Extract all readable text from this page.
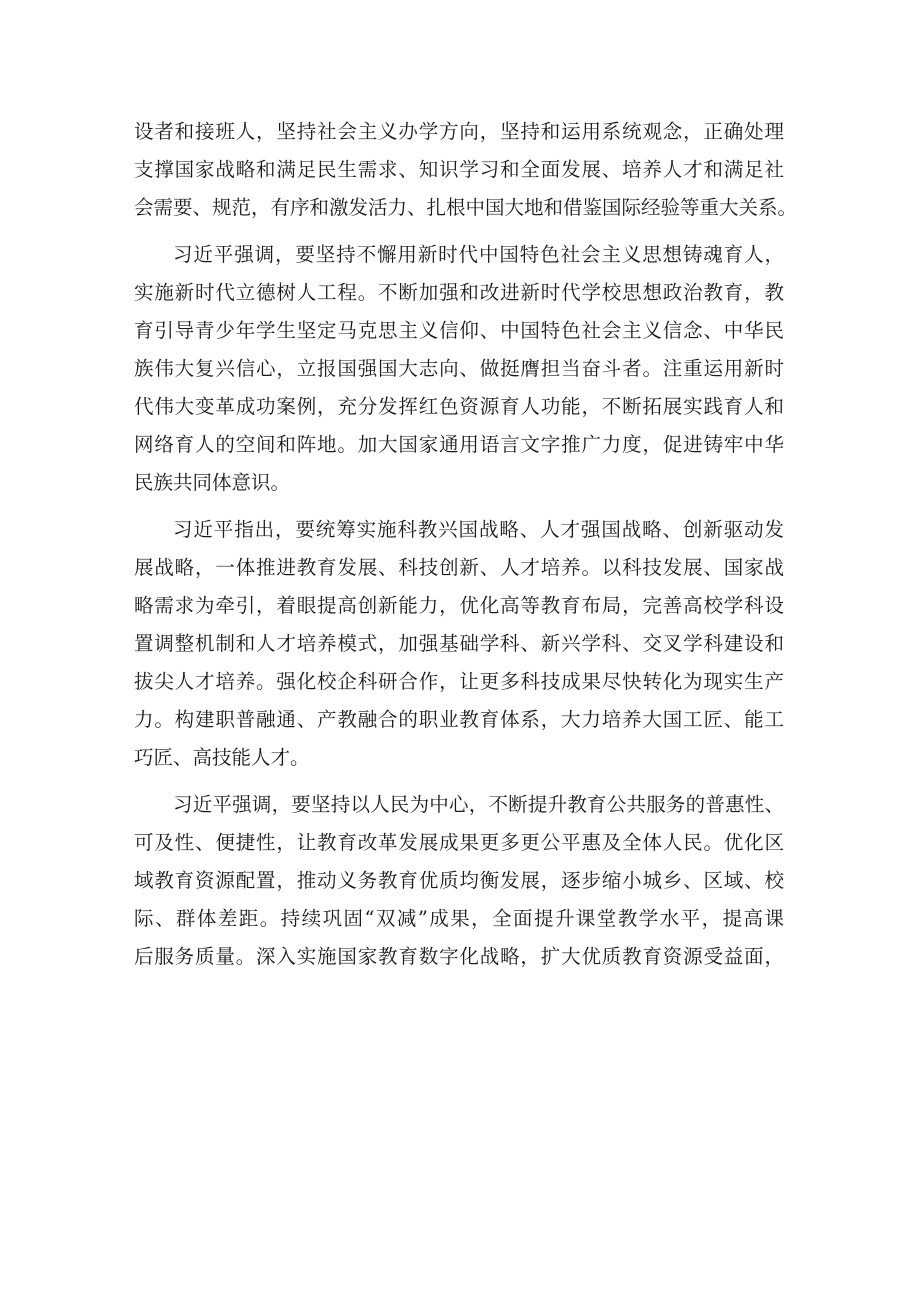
设者和接班人，坚持社会主义办学方向，坚持和运用系统观念，正确处理
支撑国家战略和满足民生需求、知识学习和全面发展、培养人才和满足社
会需要、规范，有序和激发活力、扎根中国大地和借鉴国际经验等重大关系。
习近平强调，要坚持不懈用新时代中国特色社会主义思想铸魂育人，
实施新时代立德树人工程。不断加强和改进新时代学校思想政治教育，教
育引导青少年学生坚定马克思主义信仰、中国特色社会主义信念、中华民
族伟大复兴信心，立报国强国大志向、做挺膺担当奋斗者。注重运用新时
代伟大变革成功案例，充分发挥红色资源育人功能，不断拓展实践育人和
网络育人的空间和阵地。加大国家通用语言文字推广力度，促进铸牢中华
民族共同体意识。
习近平指出，要统筹实施科教兴国战略、人才强国战略、创新驱动发
展战略，一体推进教育发展、科技创新、人才培养。以科技发展、国家战
略需求为牵引，着眼提高创新能力，优化高等教育布局，完善高校学科设
置调整机制和人才培养模式，加强基础学科、新兴学科、交叉学科建设和
拔尖人才培养。强化校企科研合作，让更多科技成果尽快转化为现实生产
力。构建职普融通、产教融合的职业教育体系，大力培养大国工匠、能工
巧匠、高技能人才。
习近平强调，要坚持以人民为中心，不断提升教育公共服务的普惠性、
可及性、便捷性，让教育改革发展成果更多更公平惠及全体人民。优化区
域教育资源配置，推动义务教育优质均衡发展，逐步缩小城乡、区域、校
际、群体差距。持续巩固“双减”成果，全面提升课堂教学水平，提高课
后服务质量。深入实施国家教育数字化战略，扩大优质教育资源受益面，
